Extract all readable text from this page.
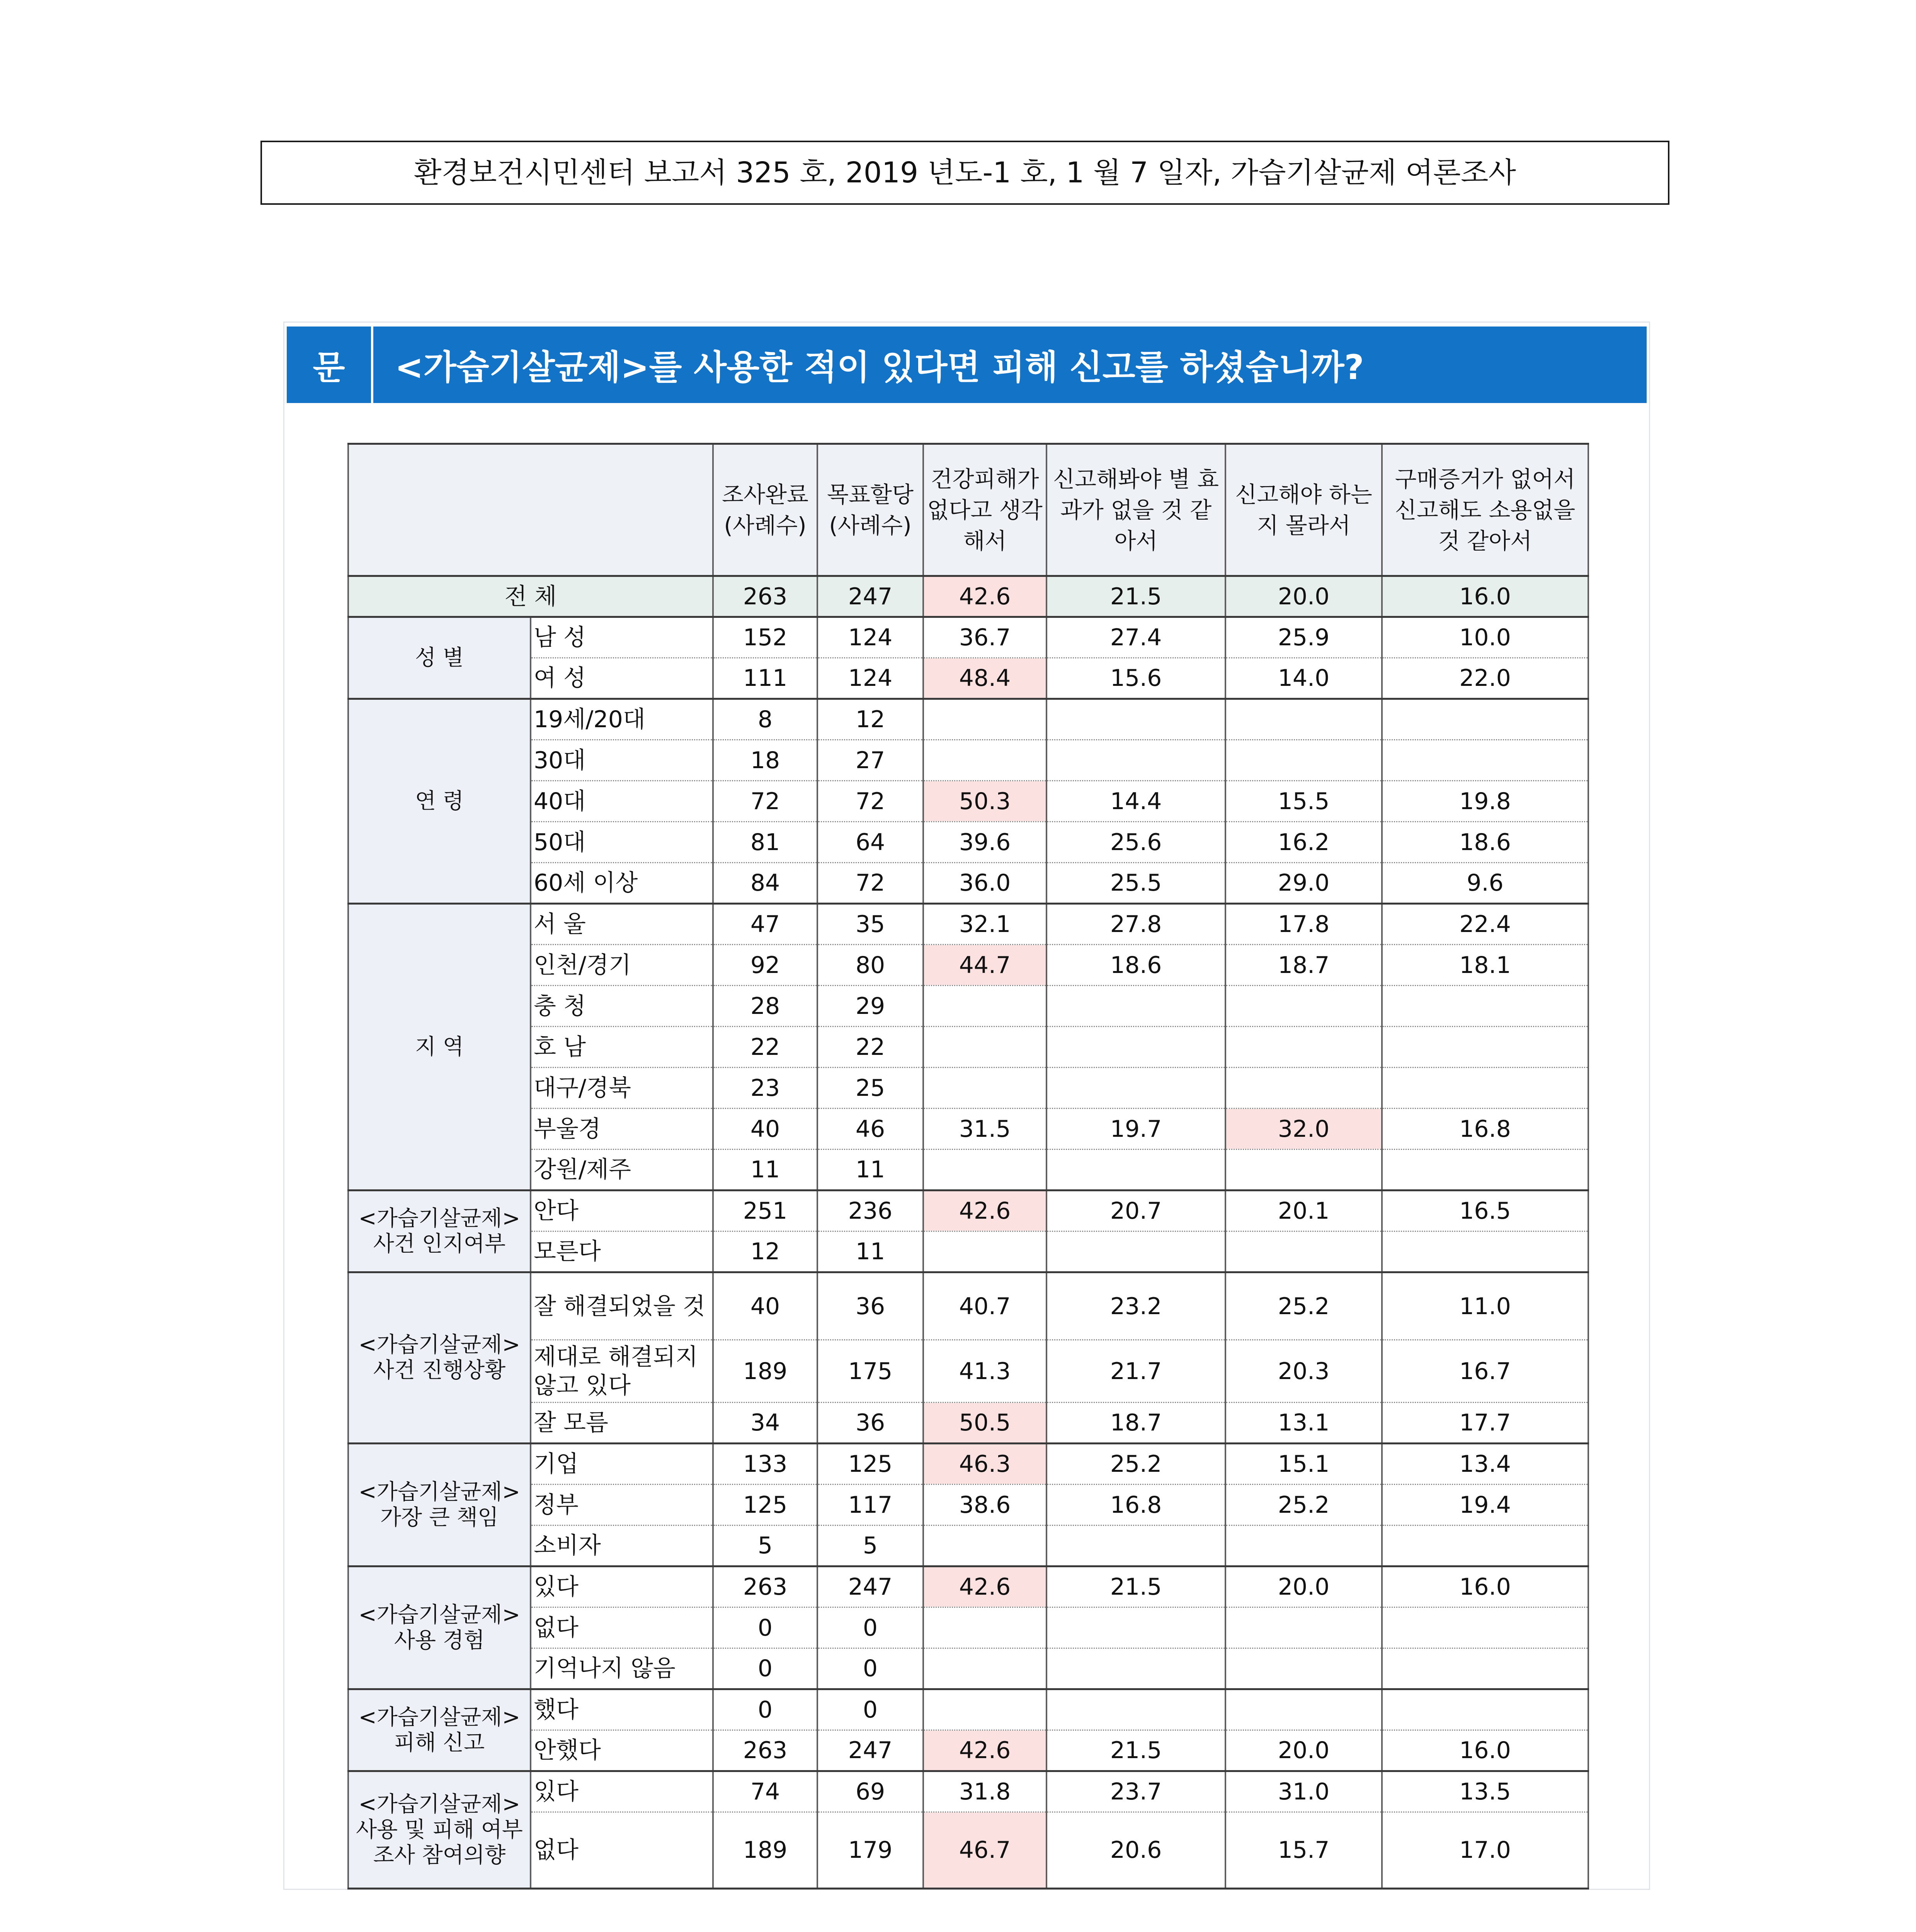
환경보건시민센터 보고서 325 호, 2019 년도-1 호, 1 월 7 일자, 가습기살균제 여론조사
문	<가습기살균제>를 사용한 적이 있다면 피해 신고를 하셨습니까?
		조사완료(사례수)	목표할당(사례수)	건강피해가 없다고 생각해서	신고해봐야 별 효과가 없을 것 같아서	신고해야 하는지 몰라서	구매증거가 없어서 신고해도 소용없을 것 같아서
전 체		263	247	42.6	21.5	20.0	16.0

성 별	남 성	152	124	36.7	27.4	25.9	10.0
	여 성	111	124	48.4	15.6	14.0	22.0

연 령	19세/20대	8	12				
	30대	18	27				
	40대	72	72	50.3	14.4	15.5	19.8
	50대	81	64	39.6	25.6	16.2	18.6
	60세 이상	84	72	36.0	25.5	29.0	9.6

지 역	서 울	47	35	32.1	27.8	17.8	22.4
	인천/경기	92	80	44.7	18.6	18.7	18.1
	충 청	28	29				
	호 남	22	22				
	대구/경북	23	25				
	부울경	40	46	31.5	19.7	32.0	16.8
	강원/제주	11	11				

<가습기살균제>
사건 인지여부	안다	251	236	42.6	20.7	20.1	16.5
	모른다	12	11				

<가습기살균제>
사건 진행상황	잘 해결되었을 것	40	36	40.7	23.2	25.2	11.0
	제대로 해결되지 않고 있다	189	175	41.3	21.7	20.3	16.7
	잘 모름	34	36	50.5	18.7	13.1	17.7

<가습기살균제>
가장 큰 책임	기업	133	125	46.3	25.2	15.1	13.4
	정부	125	117	38.6	16.8	25.2	19.4
	소비자	5	5				

<가습기살균제>
사용 경험	있다	263	247	42.6	21.5	20.0	16.0
	없다	0	0				
	기억나지 않음	0	0				

<가습기살균제>
피해 신고	했다	0	0				
	안했다	263	247	42.6	21.5	20.0	16.0

<가습기살균제>
사용 및 피해 여부 조사 참여의향	있다	74	69	31.8	23.7	31.0	13.5
	없다	189	179	46.7	20.6	15.7	17.0
